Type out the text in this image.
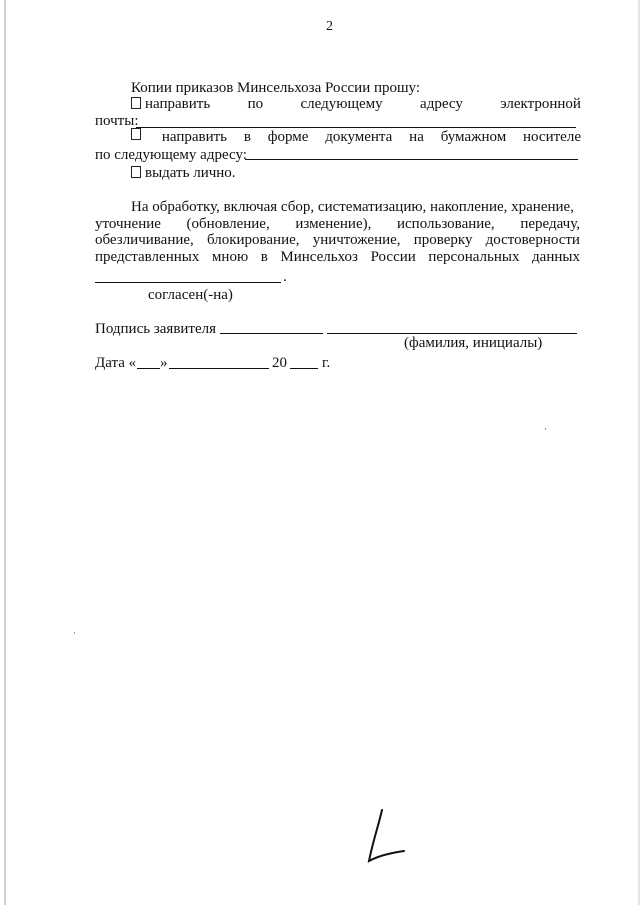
2
Копии приказов Минсельхоза России прошу:
направить по следующему адресу электронной
почты:
направить в форме документа на бумажном носителе
по следующему адресу:
выдать лично.
На обработку, включая сбор, систематизацию, накопление, хранение,
уточнение (обновление, изменение), использование, передачу,
обезличивание, блокирование, уничтожение, проверку достоверности
представленных мною в Минсельхоз России персональных данных
.
согласен(-на)
Подпись заявителя
(фамилия, инициалы)
Дата « »	20 г.
